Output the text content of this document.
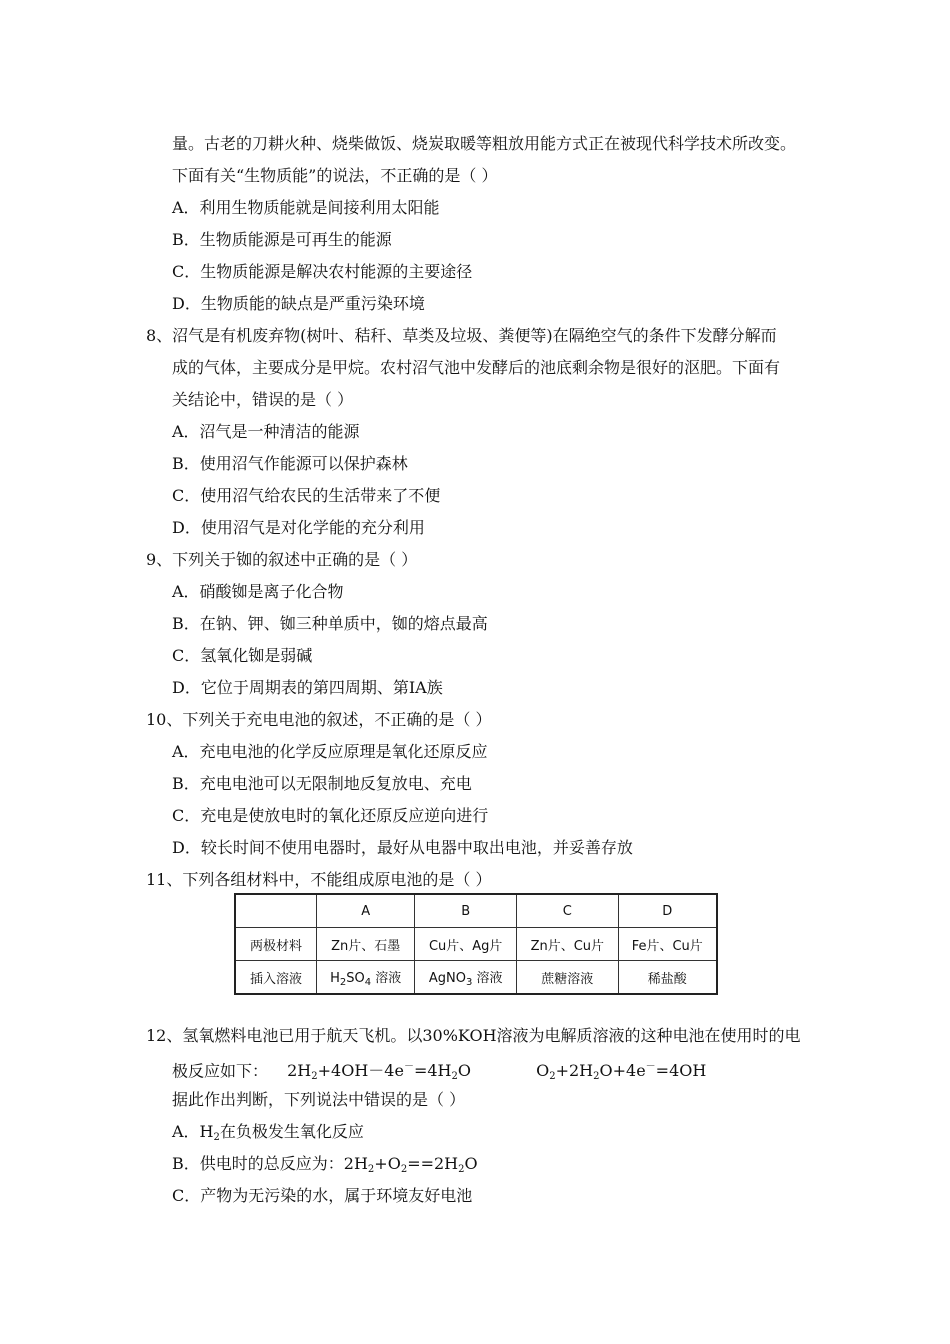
量。古老的刀耕火种、烧柴做饭、烧炭取暖等粗放用能方式正在被现代科学技术所改变。
下面有关“生物质能”的说法，不正确的是（ ）
A．利用生物质能就是间接利用太阳能
B．生物质能源是可再生的能源
C．生物质能源是解决农村能源的主要途径
D．生物质能的缺点是严重污染环境
8、沼气是有机废弃物(树叶、秸秆、草类及垃圾、粪便等)在隔绝空气的条件下发酵分解而
成的气体，主要成分是甲烷。农村沼气池中发酵后的池底剩余物是很好的沤肥。下面有
关结论中，错误的是（ ）
A．沼气是一种清洁的能源
B．使用沼气作能源可以保护森林
C．使用沼气给农民的生活带来了不便
D．使用沼气是对化学能的充分利用
9、下列关于铷的叙述中正确的是（ ）
A．硝酸铷是离子化合物
B．在钠、钾、铷三种单质中，铷的熔点最高
C．氢氧化铷是弱碱
D．它位于周期表的第四周期、第ⅠA族
10、下列关于充电电池的叙述，不正确的是（ ）
A．充电电池的化学反应原理是氧化还原反应
B．充电电池可以无限制地反复放电、充电
C．充电是使放电时的氧化还原反应逆向进行
D．较长时间不使用电器时，最好从电器中取出电池，并妥善存放
11、下列各组材料中，不能组成原电池的是（ ）
	A	B	C	D
两极材料	Zn片、石墨	Cu片、Ag片	Zn片、Cu片	Fe片、Cu片
插入溶液	$H_2SO_4$ 溶液	AgNO$_3$ 溶液	蔗糖溶液	稀盐酸
12、氢氧燃料电池已用于航天飞机。以30%KOH溶液为电解质溶液的这种电池在使用时的电
极反应如下： $2H_2+4OH-4e^-=4H_2O$	$O_2+2H_2O+4e^-=4OH$
据此作出判断，下列说法中错误的是（ ）
A．$H_2$在负极发生氧化反应
B．供电时的总反应为：$2H_2+O_2==2H_2O$
C．产物为无污染的水，属于环境友好电池
